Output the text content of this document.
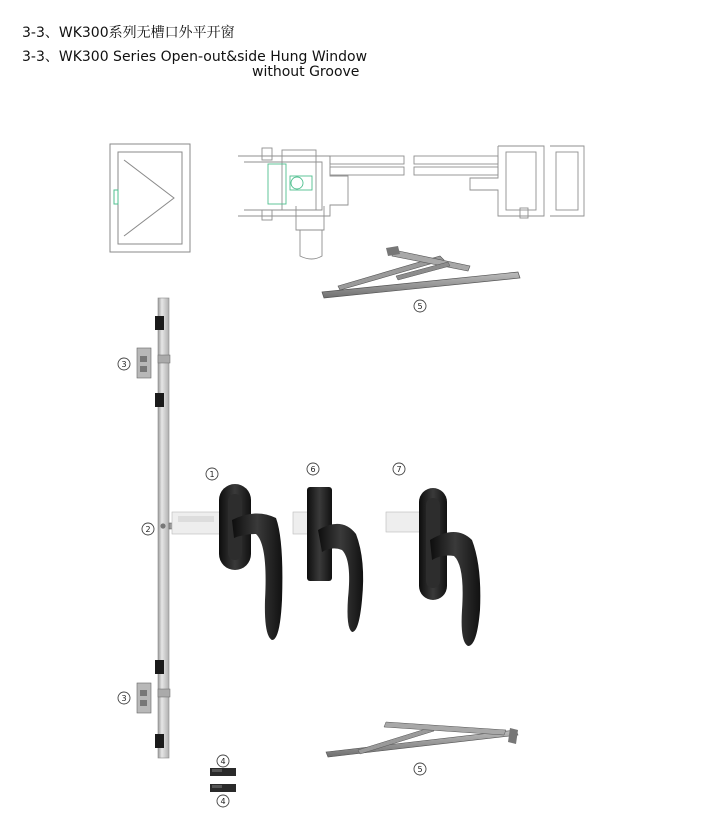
3-3、WK300系列无槽口外平开窗
3-3、WK300 Series Open-out&side Hung Window
without Groove
1
2
3
3
4
4
5
5
6	7
